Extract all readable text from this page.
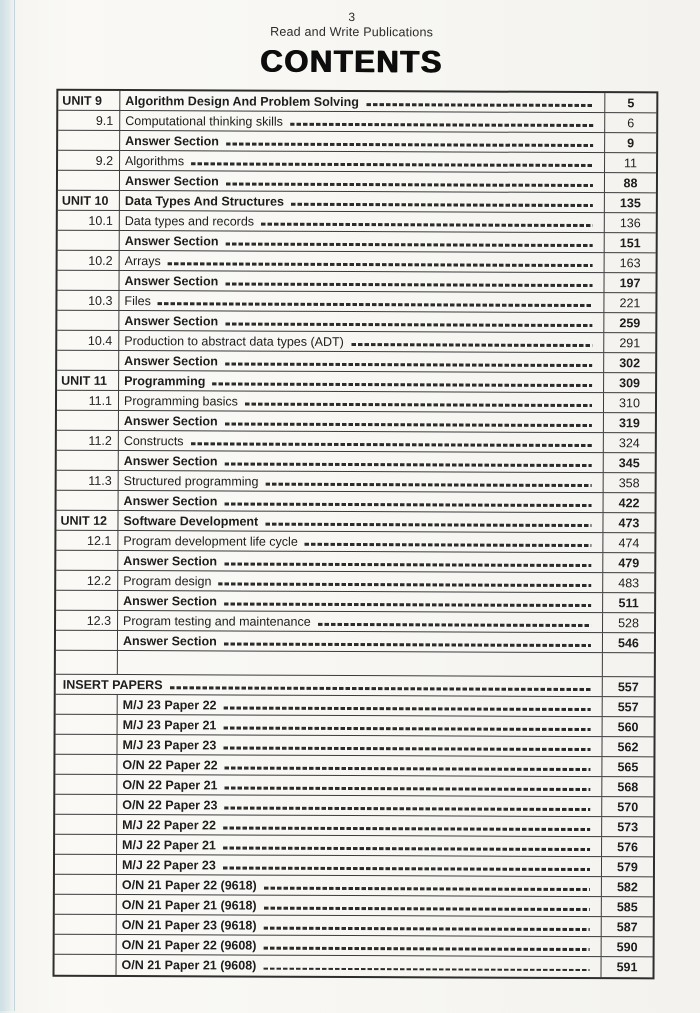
3
Read and Write Publications
CONTENTS
UNIT 9	Algorithm Design And Problem Solving	5
9.1 Computational thinking skills	6
Answer Section	9
9.2 Algorithms	11
Answer Section	88
UNIT 10	Data Types And Structures	135
10.1 Data types and records	136
Answer Section	151
10.2 Arrays	163
Answer Section	197
10.3 Files	221
Answer Section	259
10.4 Production to abstract data types (ADT)	291
Answer Section	302
UNIT 11	Programming	309
11.1 Programming basics	310
Answer Section	319
11.2 Constructs	324
Answer Section	345
11.3 Structured programming	358
Answer Section	422
UNIT 12	Software Development	473
12.1 Program development life cycle	474
Answer Section	479
12.2 Program design	483
Answer Section	511
12.3 Program testing and maintenance	528
Answer Section	546
INSERT PAPERS	557
M/J 23 Paper 22	557
M/J 23 Paper 21	560
M/J 23 Paper 23	562
O/N 22 Paper 22	565
O/N 22 Paper 21	568
O/N 22 Paper 23	570
M/J 22 Paper 22	573
M/J 22 Paper 21	576
M/J 22 Paper 23	579
O/N 21 Paper 22 (9618)	582
O/N 21 Paper 21 (9618)	585
O/N 21 Paper 23 (9618)	587
O/N 21 Paper 22 (9608)	590
O/N 21 Paper 21 (9608)	591
